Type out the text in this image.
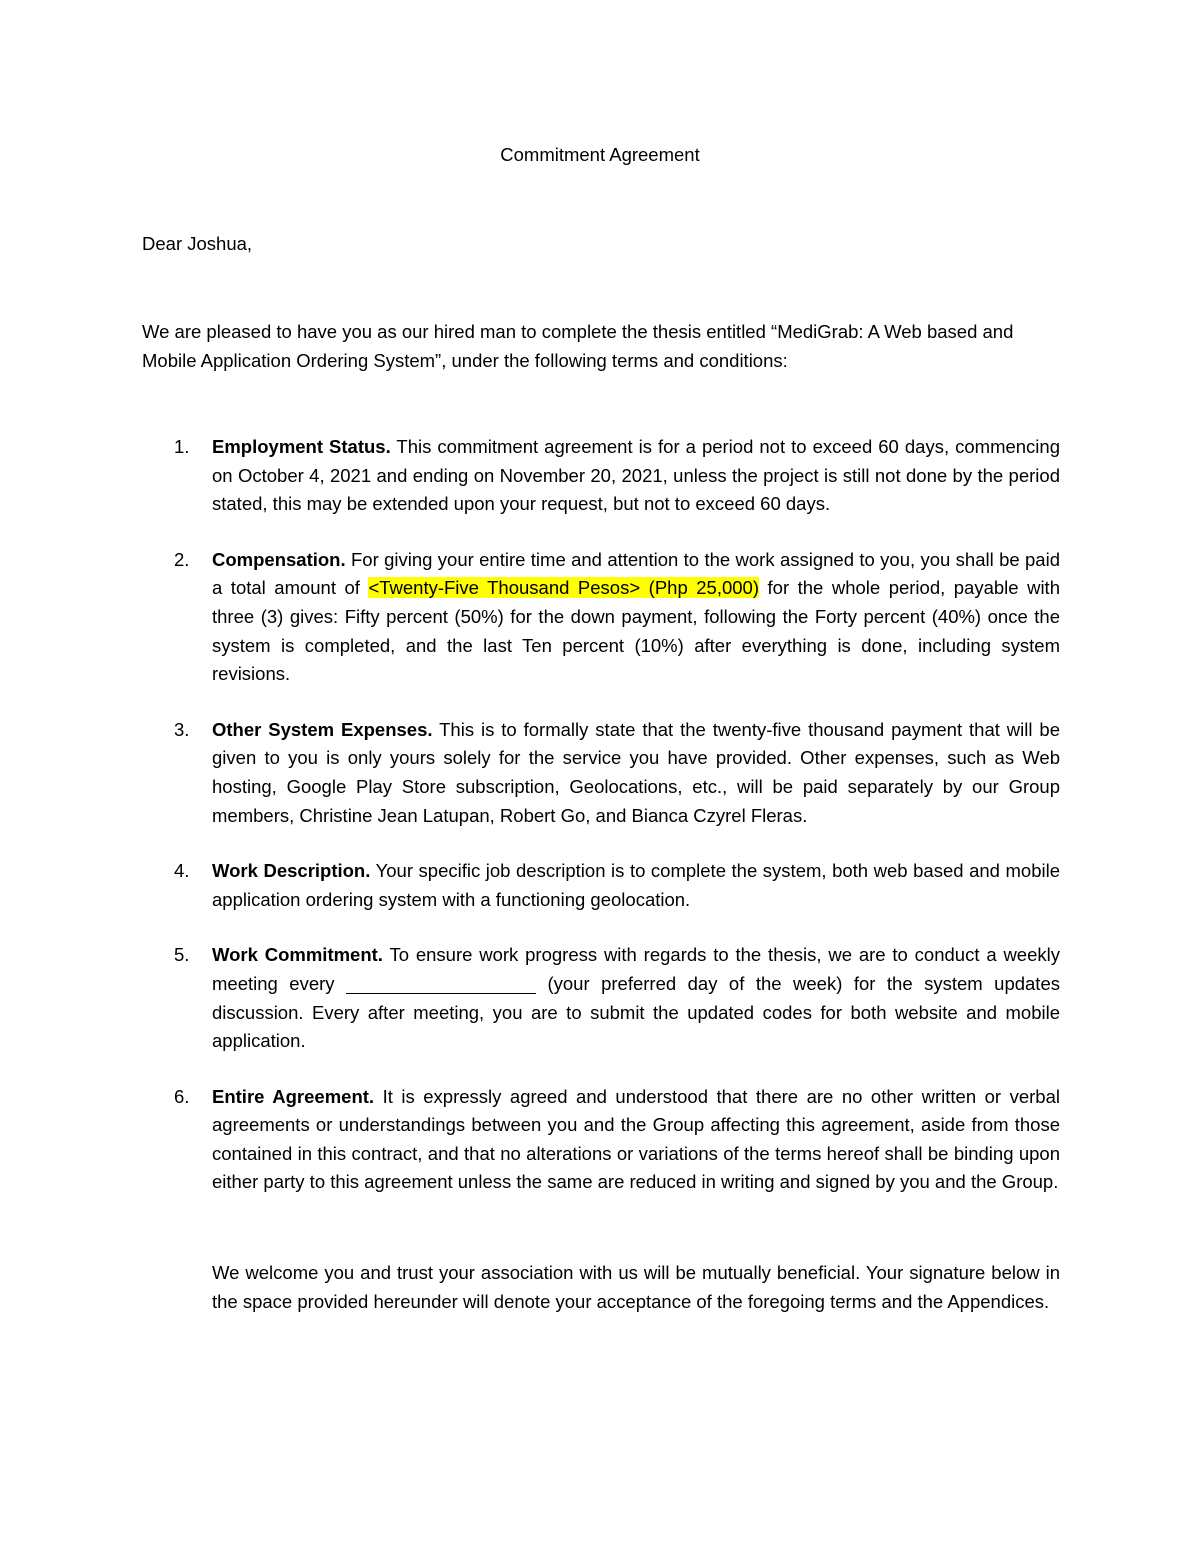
Commitment Agreement

Dear Joshua,

We are pleased to have you as our hired man to complete the thesis entitled “MediGrab: A Web based and Mobile Application Ordering System”, under the following terms and conditions:

1. Employment Status. This commitment agreement is for a period not to exceed 60 days, commencing on October 4, 2021 and ending on November 20, 2021, unless the project is still not done by the period stated, this may be extended upon your request, but not to exceed 60 days.
2. Compensation. For giving your entire time and attention to the work assigned to you, you shall be paid a total amount of <Twenty-Five Thousand Pesos> (Php 25,000) for the whole period, payable with three (3) gives: Fifty percent (50%) for the down payment, following the Forty percent (40%) once the system is completed, and the last Ten percent (10%) after everything is done, including system revisions.
3. Other System Expenses. This is to formally state that the twenty-five thousand payment that will be given to you is only yours solely for the service you have provided. Other expenses, such as Web hosting, Google Play Store subscription, Geolocations, etc., will be paid separately by our Group members, Christine Jean Latupan, Robert Go, and Bianca Czyrel Fleras.
4. Work Description. Your specific job description is to complete the system, both web based and mobile application ordering system with a functioning geolocation.
5. Work Commitment. To ensure work progress with regards to the thesis, we are to conduct a weekly meeting every	(your preferred day of the week) for the system updates discussion. Every after meeting, you are to submit the updated codes for both website and mobile application.
6. Entire Agreement. It is expressly agreed and understood that there are no other written or verbal agreements or understandings between you and the Group affecting this agreement, aside from those contained in this contract, and that no alterations or variations of the terms hereof shall be binding upon either party to this agreement unless the same are reduced in writing and signed by you and the Group.

We welcome you and trust your association with us will be mutually beneficial. Your signature below in the space provided hereunder will denote your acceptance of the foregoing terms and the Appendices.
